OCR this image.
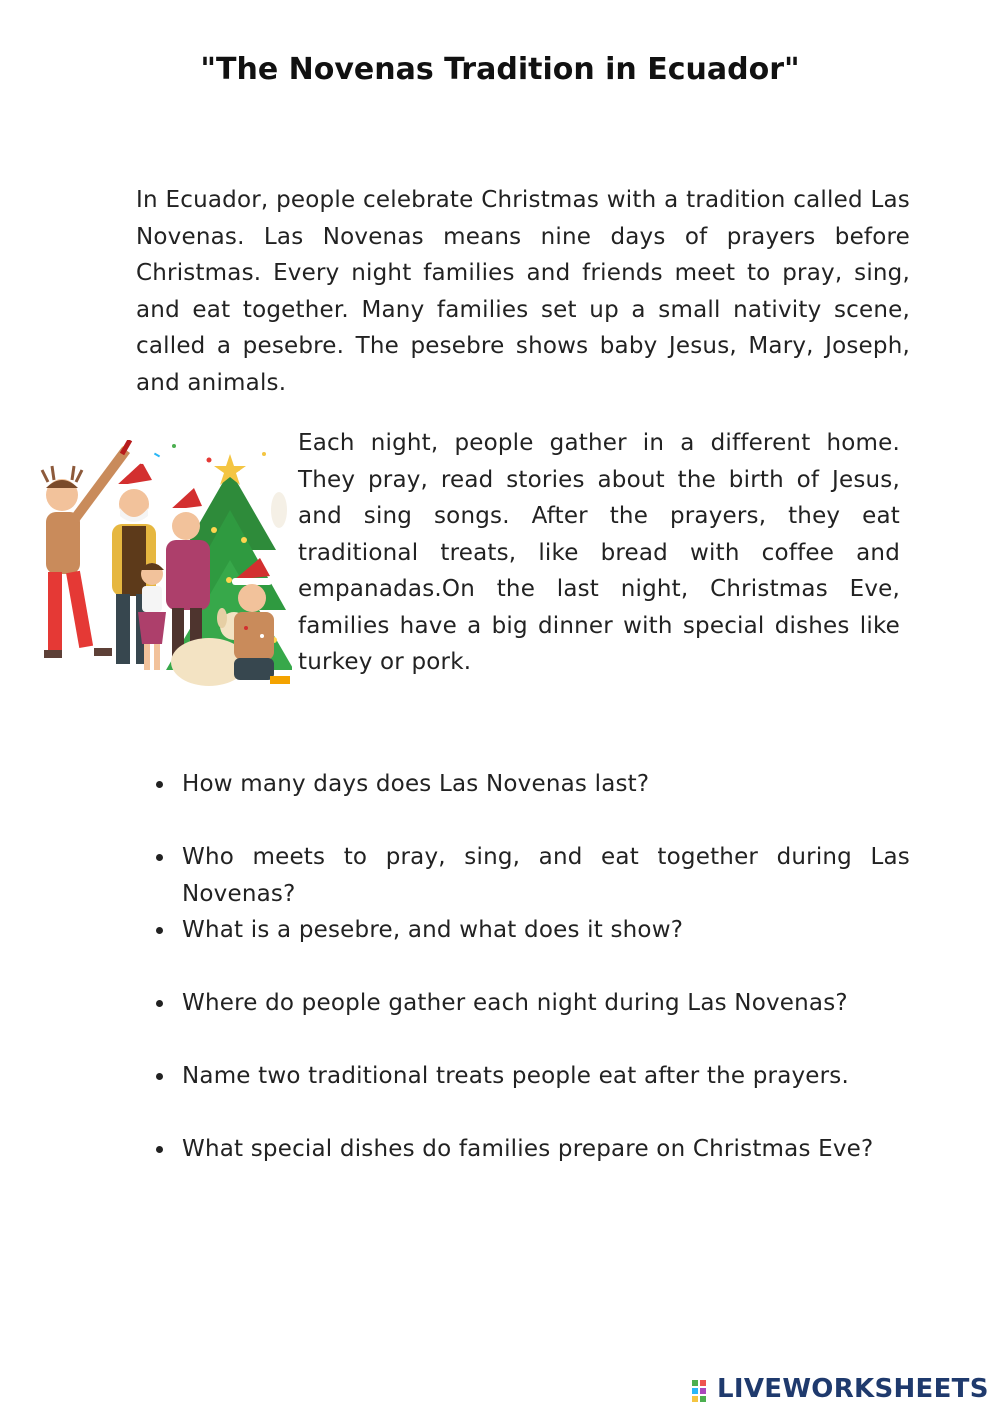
"The Novenas Tradition in Ecuador"

In Ecuador, people celebrate Christmas with a tradition called Las Novenas. Las Novenas means nine days of prayers before Christmas. Every night families and friends meet to pray, sing, and eat together. Many families set up a small nativity scene, called a pesebre. The pesebre shows baby Jesus, Mary, Joseph, and animals.

Each night, people gather in a different home. They pray, read stories about the birth of Jesus, and sing songs. After the prayers, they eat traditional treats, like bread with coffee and empanadas.On the last night, Christmas Eve, families have a big dinner with special dishes like turkey or pork.

How many days does Las Novenas last?
Who meets to pray, sing, and eat together during Las Novenas?
What is a pesebre, and what does it show?
Where do people gather each night during Las Novenas?
Name two traditional treats people eat after the prayers.
What special dishes do families prepare on Christmas Eve?
LIVEWORKSHEETS
